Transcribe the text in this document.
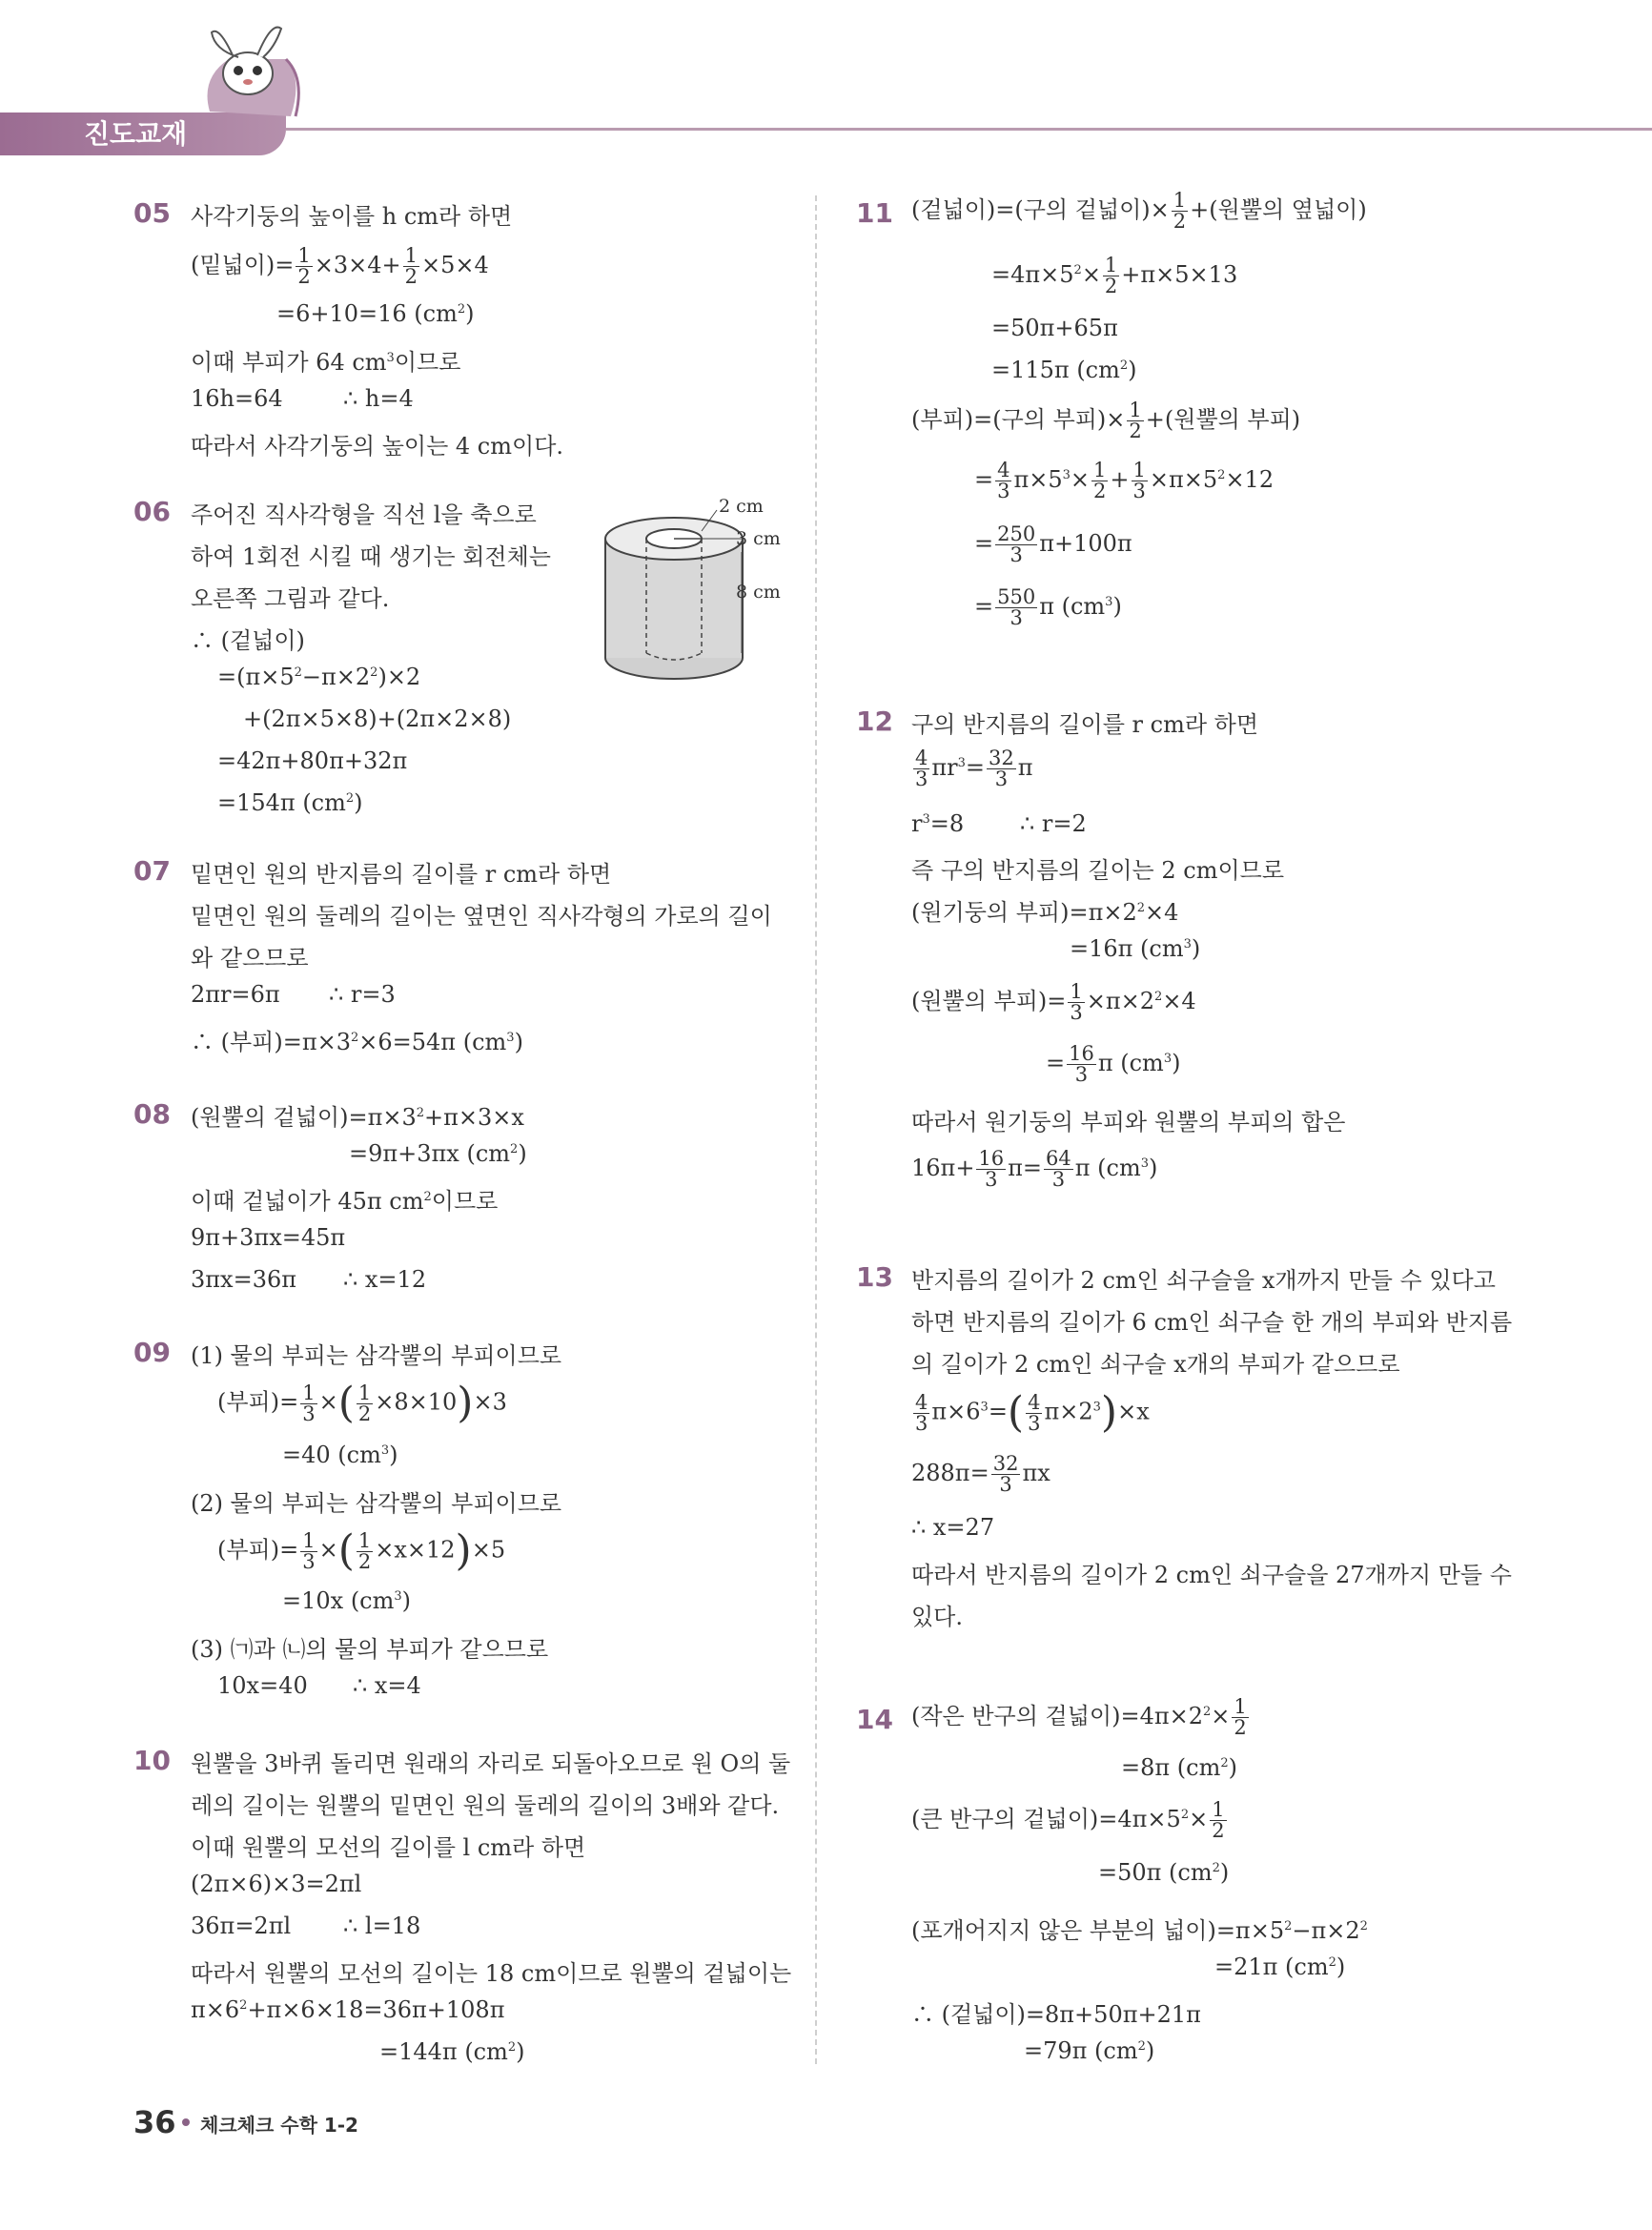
진도교재
05 사각기둥의 높이를 h cm라 하면
(밑넓이)= $\frac{1}{2} \times 3\times 4+ \frac{1}{2} \times 5\times 4$
=6+10=16 $(cm^2)$
이때 부피가 64 $cm^3$이므로
16h=64	∴ h=4
따라서 사각기둥의 높이는 4 cm이다.
06 주어진 직사각형을 직선 l을 축으로
하여 1회전 시킬 때 생기는 회전체는
오른쪽 그림과 같다.
∴ (겉넓이)
$=(\pi\times 5^2-\pi\times 2^2)\times 2$
+(2π×5×8)+(2π×2×8)
=42π+80π+32π
=154π $(cm^2)$
2 cm
3 cm
8 cm
07 밑면인 원의 반지름의 길이를 r cm라 하면
밑면인 원의 둘레의 길이는 옆면인 직사각형의 가로의 길이
와 같으므로
2πr=6π ∴ r=3
∴ (부피)$=\pi\times 3^2\times 6=54\pi$ $(cm^3)$
08 (원뿔의 겉넓이)$=\pi\times 3^2+\pi\times 3\times x$
=9π+3πx $(cm^2)$
이때 겉넓이가 45π $cm^2$이므로
9π+3πx=45π
3πx=36π ∴ x=12
09 (1) 물의 부피는 삼각뿔의 부피이므로
(부피)= $\frac{1}{3}$ ×( $\frac{1}{2} \times 8\times 10)\times 3$
=40 $(cm^3)$
(2) 물의 부피는 삼각뿔의 부피이므로
(부피)= $\frac{1}{3}$ ×( $\frac{1}{2} \times x\times 12)\times 5$
=10x $(cm^3)$
(3) ㈀과 ㈁의 물의 부피가 같으므로
10x=40 ∴ x=4
10 원뿔을 3바퀴 돌리면 원래의 자리로 되돌아오므로 원 O의 둘
레의 길이는 원뿔의 밑면인 원의 둘레의 길이의 3배와 같다.
이때 원뿔의 모선의 길이를 l cm라 하면
(2π×6)×3=2πl
36π=2πl ∴ l=18
따라서 원뿔의 모선의 길이는 18 cm이므로 원뿔의 겉넓이는
$\pi\times 6^2+\pi\times 6\times 18=36\pi+108\pi$
=144π $(cm^2)$
11 (겉넓이)=(구의 겉넓이)× $\frac{1}{2}$ +(원뿔의 옆넓이)
$=4\pi\times 5^2\times \frac{1}{2} +\pi\times 5\times 13$
=50π+65π
=115π $(cm^2)$
(부피)=(구의 부피)× $\frac{1}{2}$ +(원뿔의 부피)
= $\frac{4}{3} \pi\times 5^3\times \frac{1}{2} + \frac{1}{3} \times\pi\times 5^2\times 12$
= $\frac{250}{3} \pi+100\pi$
= $\frac{550}{3}$ π $(cm^3)$
12 구의 반지름의 길이를 r cm라 하면
$\frac{4}{3} \pi r^3= \frac{32}{3}$ π
$r^3=8$ ∴ r=2
즉 구의 반지름의 길이는 2 cm이므로
(원기둥의 부피)$=\pi\times 2^2\times 4$
=16π $(cm^3)$
(원뿔의 부피)= $\frac{1}{3} \times\pi\times 2^2\times 4$
= $\frac{16}{3}$ π $(cm^3)$
따라서 원기둥의 부피와 원뿔의 부피의 합은
$16\pi+ \frac{16}{3} \pi= \frac{64}{3}$ π $(cm^3)$
13 반지름의 길이가 2 cm인 쇠구슬을 x개까지 만들 수 있다고
하면 반지름의 길이가 6 cm인 쇠구슬 한 개의 부피와 반지름
의 길이가 2 cm인 쇠구슬 x개의 부피가 같으므로
$\frac{4}{3} \pi\times 6^3=( \frac{4}{3} \pi\times 2^3)\times x$
$288\pi= \frac{32}{3}$ πx
∴ x=27
따라서 반지름의 길이가 2 cm인 쇠구슬을 27개까지 만들 수
있다.
14 (작은 반구의 겉넓이)$=4\pi\times 2^2\times \frac{1}{2}$
=8π $(cm^2)$
(큰 반구의 겉넓이)$=4\pi\times 5^2\times \frac{1}{2}$
=50π $(cm^2)$
(포개어지지 않은 부분의 넓이)$=\pi\times 5^2-\pi\times 2^2$
=21π $(cm^2)$
∴ (겉넓이)=8π+50π+21π
=79π $(cm^2)$
36 체크체크 수학 1-2
